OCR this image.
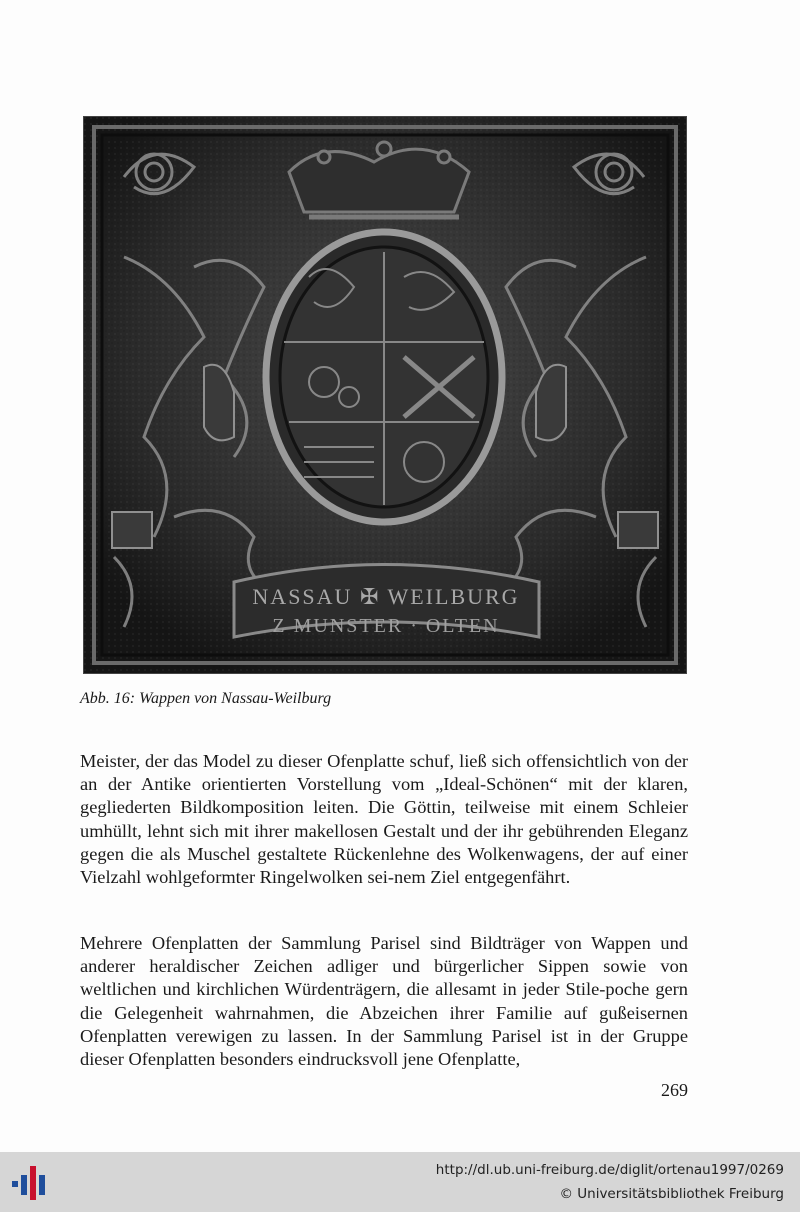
NASSAU ✠ WEILBURG
Z MUNSTER · OLTEN
Abb. 16: Wappen von Nassau-Weilburg

Meister, der das Model zu dieser Ofenplatte schuf, ließ sich offensichtlich von der an der Antike orientierten Vorstellung vom „Ideal-Schönen“ mit der klaren, gegliederten Bildkomposition leiten. Die Göttin, teilweise mit einem Schleier umhüllt, lehnt sich mit ihrer makellosen Gestalt und der ihr gebührenden Eleganz gegen die als Muschel gestaltete Rückenlehne des Wolkenwagens, der auf einer Vielzahl wohlgeformter Ringelwolken sei-nem Ziel entgegenfährt.

Mehrere Ofenplatten der Sammlung Parisel sind Bildträger von Wappen und anderer heraldischer Zeichen adliger und bürgerlicher Sippen sowie von weltlichen und kirchlichen Würdenträgern, die allesamt in jeder Stile-poche gern die Gelegenheit wahrnahmen, die Abzeichen ihrer Familie auf gußeisernen Ofenplatten verewigen zu lassen. In der Sammlung Parisel ist in der Gruppe dieser Ofenplatten besonders eindrucksvoll jene Ofenplatte,

269
http://dl.ub.uni-freiburg.de/diglit/ortenau1997/0269
© Universitätsbibliothek Freiburg
